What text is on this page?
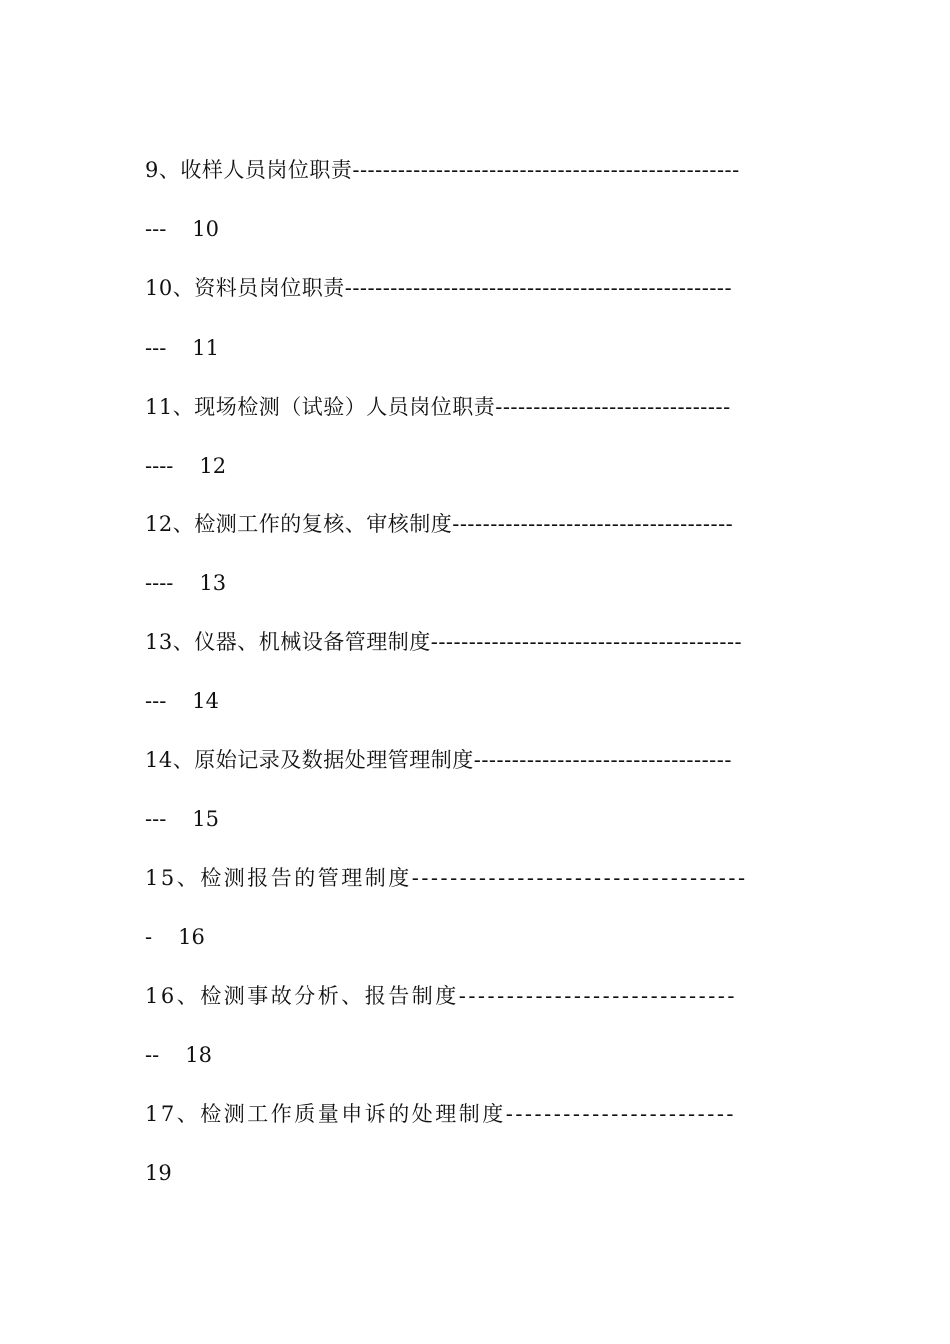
9、收样人员岗位职责---------------------------------------------------
--- 10
10、资料员岗位职责---------------------------------------------------
--- 11
11、现场检测（试验）人员岗位职责-------------------------------
---- 12
12、检测工作的复核、审核制度-------------------------------------
---- 13
13、仪器、机械设备管理制度-----------------------------------------
--- 14
14、原始记录及数据处理管理制度----------------------------------
--- 15
15、检测报告的管理制度-----------------------------------
- 16
16、检测事故分析、报告制度-----------------------------
-- 18
17、检测工作质量申诉的处理制度------------------------
19
